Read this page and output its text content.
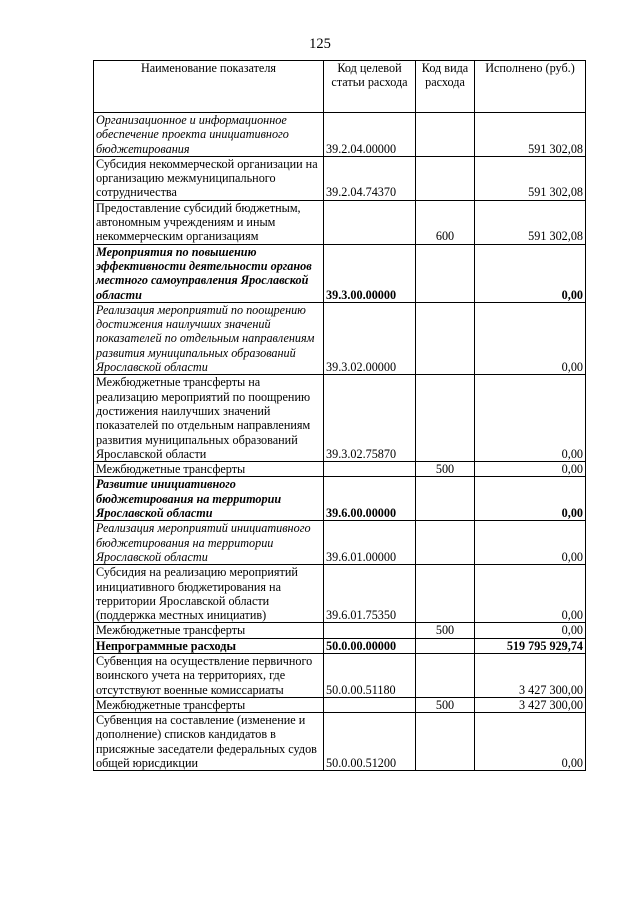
125
Наименование показателя	Код целевой статьи расхода	Код вида расхода	Исполнено (руб.)
Организационное и информационное обеспечение проекта инициативного бюджетирования	39.2.04.00000		591 302,08
Субсидия некоммерческой организации на организацию межмуниципального сотрудничества	39.2.04.74370		591 302,08
Предоставление субсидий бюджетным, автономным учреждениям и иным некоммерческим организациям		600	591 302,08
Мероприятия по повышению эффективности деятельности органов местного самоуправления Ярославской области	39.3.00.00000		0,00
Реализация мероприятий по поощрению достижения наилучших значений показателей по отдельным направлениям развития муниципальных образований Ярославской области	39.3.02.00000		0,00
Межбюджетные трансферты на реализацию мероприятий по поощрению достижения наилучших значений показателей по отдельным направлениям развития муниципальных образований Ярославской области	39.3.02.75870		0,00
Межбюджетные трансферты		500	0,00
Развитие инициативного бюджетирования на территории Ярославской области	39.6.00.00000		0,00
Реализация мероприятий инициативного бюджетирования на территории Ярославской области	39.6.01.00000		0,00
Субсидия на реализацию мероприятий инициативного бюджетирования на территории Ярославской области (поддержка местных инициатив)	39.6.01.75350		0,00
Межбюджетные трансферты		500	0,00
Непрограммные расходы	50.0.00.00000		519 795 929,74
Субвенция на осуществление первичного воинского учета на территориях, где отсутствуют военные комиссариаты	50.0.00.51180		3 427 300,00
Межбюджетные трансферты		500	3 427 300,00
Субвенция на составление (изменение и дополнение) списков кандидатов в присяжные заседатели федеральных судов общей юрисдикции	50.0.00.51200		0,00
